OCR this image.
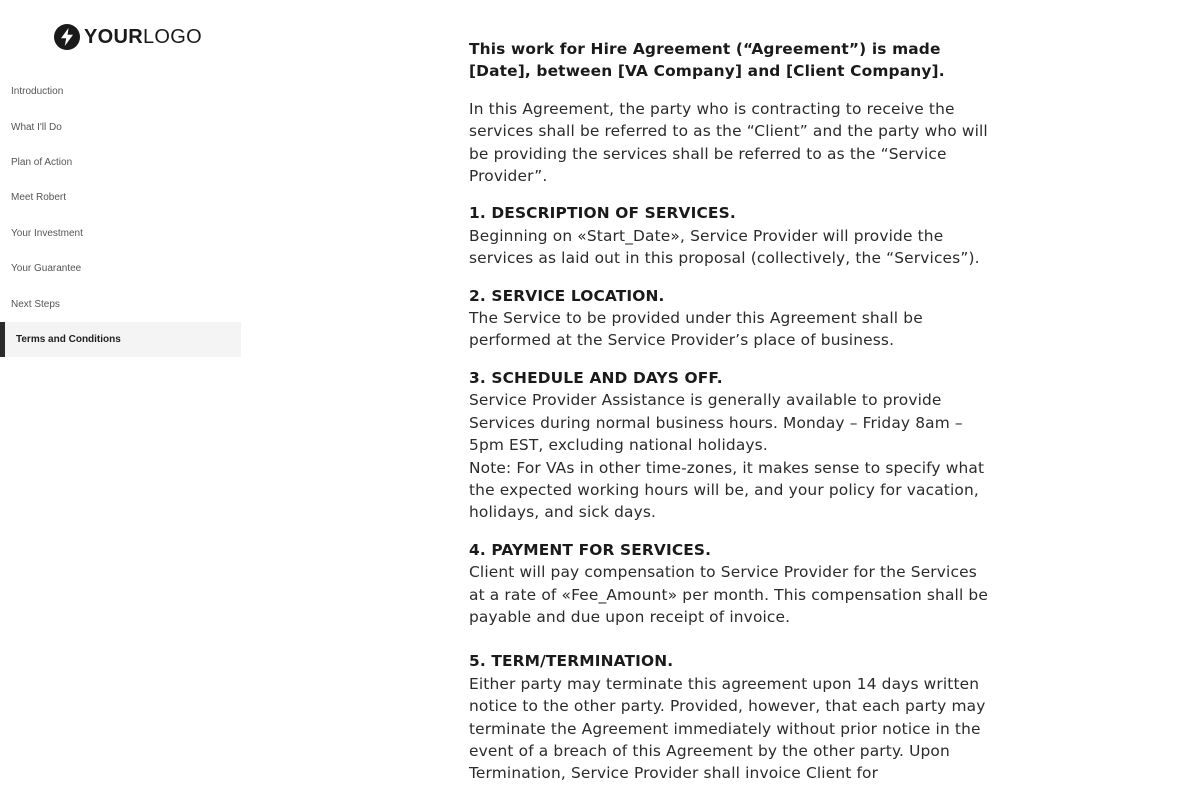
YOURLOGO
Introduction
What I'll Do
Plan of Action
Meet Robert
Your Investment
Your Guarantee
Next Steps
Terms and Conditions

This work for Hire Agreement (“Agreement”) is made [Date], between [VA Company] and [Client Company].

In this Agreement, the party who is contracting to receive the services shall be referred to as the “Client” and the party who will be providing the services shall be referred to as the “Service Provider”.

1. DESCRIPTION OF SERVICES.

Beginning on «Start_Date», Service Provider will provide the services as laid out in this proposal (collectively, the “Services”).

2. SERVICE LOCATION.

The Service to be provided under this Agreement shall be performed at the Service Provider’s place of business.

3. SCHEDULE AND DAYS OFF.

Service Provider Assistance is generally available to provide Services during normal business hours. Monday – Friday 8am – 5pm EST, excluding national holidays.

Note: For VAs in other time-zones, it makes sense to specify what the expected working hours will be, and your policy for vacation, holidays, and sick days.

4. PAYMENT FOR SERVICES.

Client will pay compensation to Service Provider for the Services at a rate of «Fee_Amount» per month. This compensation shall be payable and due upon receipt of invoice.

5. TERM/TERMINATION.

Either party may terminate this agreement upon 14 days written notice to the other party. Provided, however, that each party may terminate the Agreement immediately without prior notice in the event of a breach of this Agreement by the other party. Upon Termination, Service Provider shall invoice Client for
